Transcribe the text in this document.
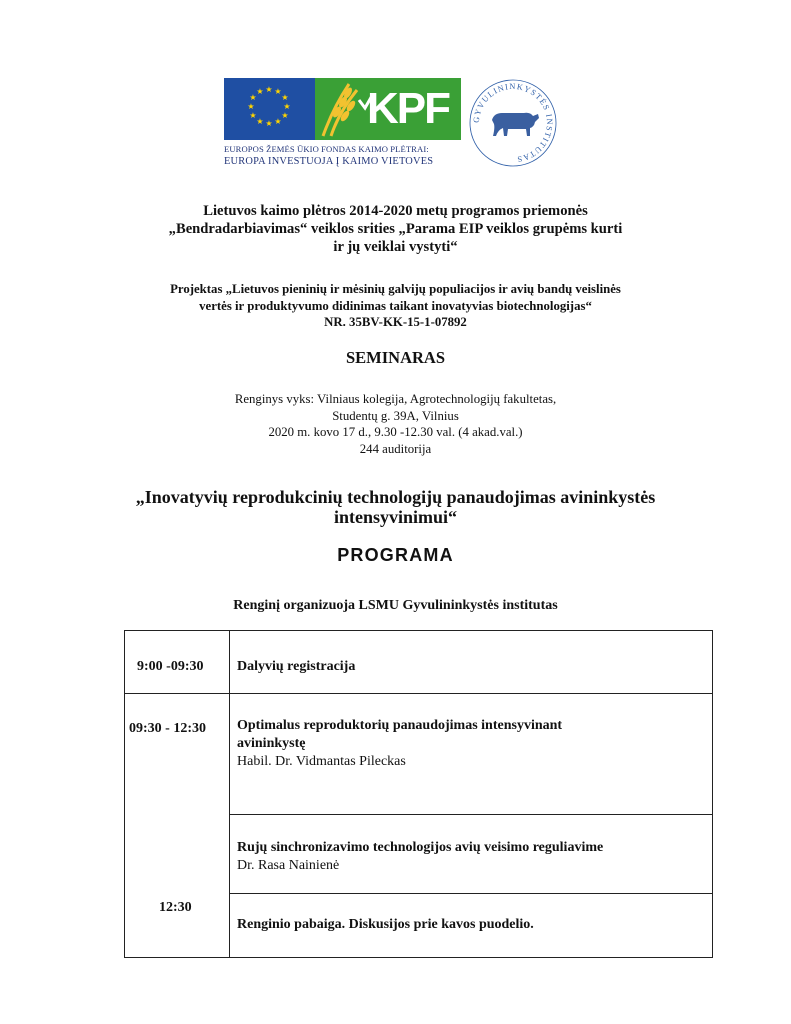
★ ★
★
★
★
★
★
★
★
★
★
★ KPF
EUROPOS ŽEMĖS ŪKIO FONDAS KAIMO PLĖTRAI:
EUROPA INVESTUOJA Į KAIMO VIETOVES
GYVULININKYSTĖS INSTITUTAS
Lietuvos kaimo plėtros 2014-2020 metų programos priemonės
„Bendradarbiavimas“ veiklos srities „Parama EIP veiklos grupėms kurti
ir jų veiklai vystyti“
Projektas „Lietuvos pieninių ir mėsinių galvijų populiacijos ir avių bandų veislinės
vertės ir produktyvumo didinimas taikant inovatyvias biotechnologijas“
NR. 35BV-KK-15-1-07892
SEMINARAS
Renginys vyks: Vilniaus kolegija, Agrotechnologijų fakultetas,
Studentų g. 39A, Vilnius
2020 m. kovo 17 d., 9.30 -12.30 val. (4 akad.val.)
244 auditorija
„Inovatyvių reprodukcinių technologijų panaudojimas avininkystės
intensyvinimui“
PROGRAMA
Renginį organizuoja LSMU Gyvulininkystės institutas
9:00 -09:30 Dalyvių registracija
09:30 - 12:30 Optimalus reproduktorių panaudojimas intensyvinant
avininkystę
Habil. Dr. Vidmantas Pileckas
Rujų sinchronizavimo technologijos avių veisimo reguliavime
Dr. Rasa Nainienė
12:30
Renginio pabaiga. Diskusijos prie kavos puodelio.
